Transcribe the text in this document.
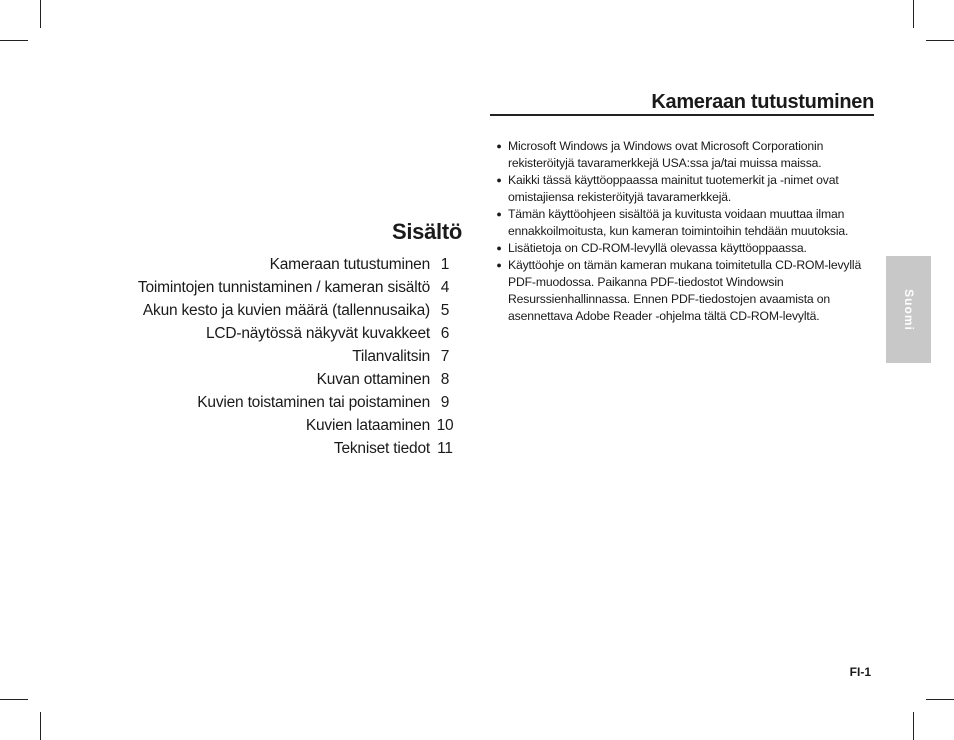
Sisältö
Kameraan tutustuminen 1
Toimintojen tunnistaminen / kameran sisältö 4
Akun kesto ja kuvien määrä (tallennusaika) 5
LCD-näytössä näkyvät kuvakkeet 6
Tilanvalitsin 7
Kuvan ottaminen 8
Kuvien toistaminen tai poistaminen 9
Kuvien lataaminen 10
Tekniset tiedot 11
Kameraan tutustuminen
● Microsoft Windows ja Windows ovat Microsoft Corporationin rekisteröityjä tavaramerkkejä USA:ssa ja/tai muissa maissa.
● Kaikki tässä käyttöoppaassa mainitut tuotemerkit ja -nimet ovat omistajiensa rekisteröityjä tavaramerkkejä.
● Tämän käyttöohjeen sisältöä ja kuvitusta voidaan muuttaa ilman ennakkoilmoitusta, kun kameran toimintoihin tehdään muutoksia.
● Lisätietoja on CD-ROM-levyllä olevassa käyttöoppaassa.
● Käyttöohje on tämän kameran mukana toimitetulla CD-ROM-levyllä PDF-muodossa. Paikanna PDF-tiedostot Windowsin Resurssienhallinnassa. Ennen PDF-tiedostojen avaamista on asennettava Adobe Reader -ohjelma tältä CD-ROM-levyltä.	Suomi
FI-1
